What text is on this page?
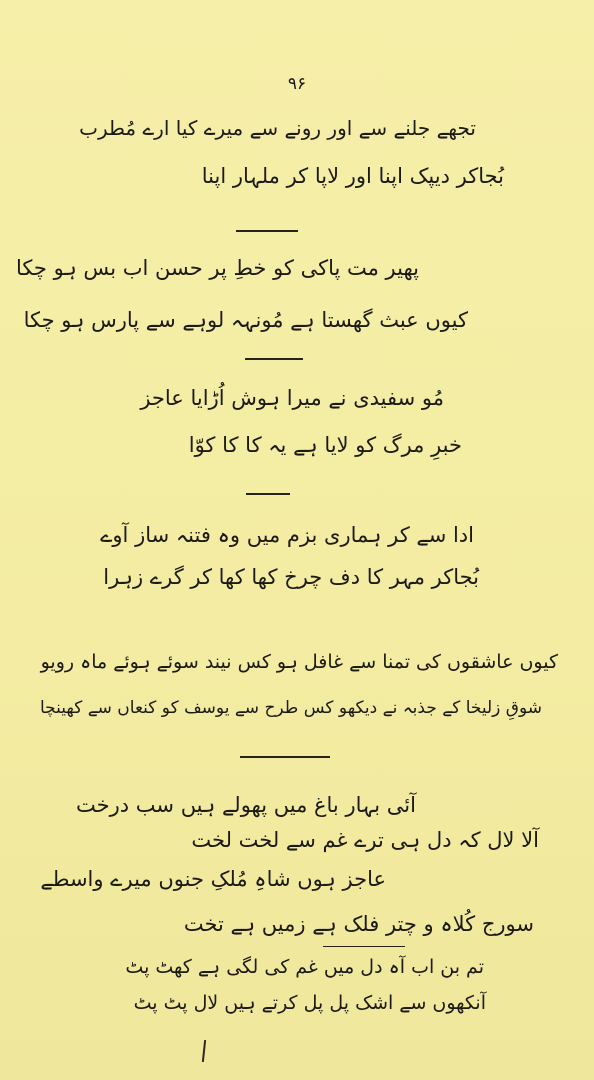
۹۶
تجھے جلنے سے اور رونے سے میرے کیا ارے مُطرب
بُجاکر دیپک اپنا اور لاپا کر ملہار اپنا
پھیر مت پاکی کو خطِ پر حسن اب بس ہو چکا
کیوں عبث گھستا ہے مُونہہ لوہے سے پارس ہو چکا
مُو سفیدی نے میرا ہوش اُڑایا عاجز
خبرِ مرگ کو لایا ہے یہ کا کا کوّا
ادا سے کر ہماری بزم میں وہ فتنہ ساز آوے
بُجاکر مہر کا دف چرخ کھا کھا کر گرے زہرا
کیوں عاشقوں کی تمنا سے غافل ہو کس نیند سوئے ہوئے ماہ رویو
شوقِ زلیخا کے جذبہ نے دیکھو کس طرح سے یوسف کو کنعاں سے کھینچا
آئی بہار باغ میں پھولے ہیں سب درخت
آلا لال کہ دل ہی ترے غم سے لخت لخت
عاجز ہوں شاہِ مُلکِ جنوں میرے واسطے
سورج کُلاہ و چتر فلک ہے زمیں ہے تخت
تم بن اب آہ دل میں غم کی لگی ہے کھٹ پٹ
آنکھوں سے اشک پل پل کرتے ہیں لال پٹ پٹ
